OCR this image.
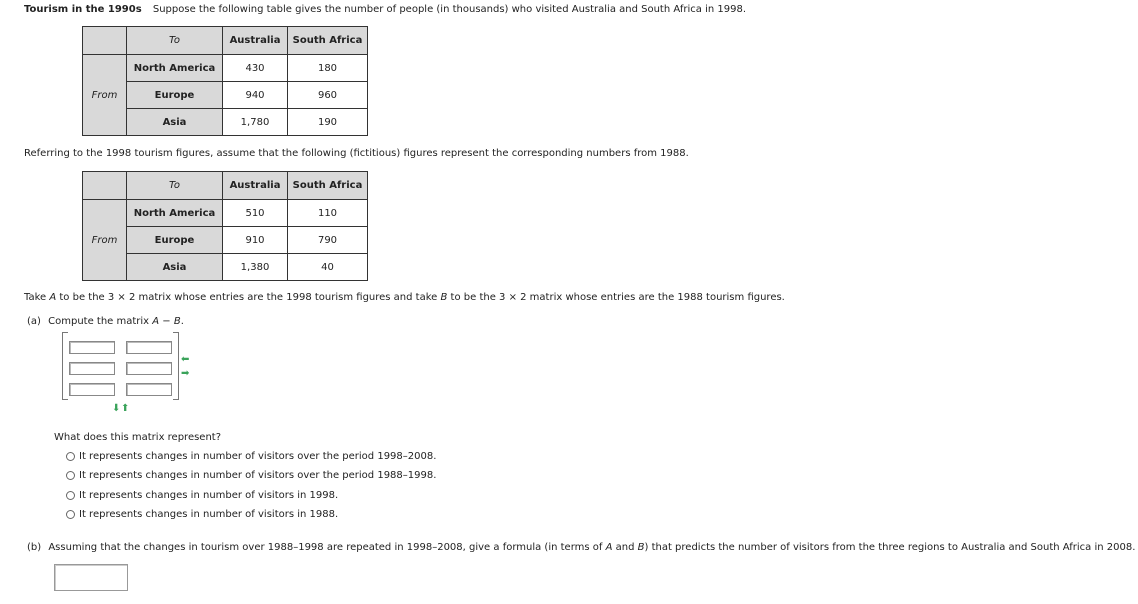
Tourism in the 1990s Suppose the following table gives the number of people (in thousands) who visited Australia and South Africa in 1998.
	To	Australia	South Africa
From	North America	430	180
	Europe	940	960
	Asia	1,780	190
Referring to the 1998 tourism figures, assume that the following (fictitious) figures represent the corresponding numbers from 1988.
	To	Australia	South Africa
From	North America	510	110
	Europe	910	790
	Asia	1,380	40
Take A to be the 3 × 2 matrix whose entries are the 1998 tourism figures and take B to be the 3 × 2 matrix whose entries are the 1988 tourism figures.
(a) Compute the matrix A − B.
⬅
➡
⬇ ⬆
What does this matrix represent?
It represents changes in number of visitors over the period 1998–2008.
It represents changes in number of visitors over the period 1988–1998.
It represents changes in number of visitors in 1998.
It represents changes in number of visitors in 1988.
(b) Assuming that the changes in tourism over 1988–1998 are repeated in 1998–2008, give a formula (in terms of A and B) that predicts the number of visitors from the three regions to Australia and South Africa in 2008.
